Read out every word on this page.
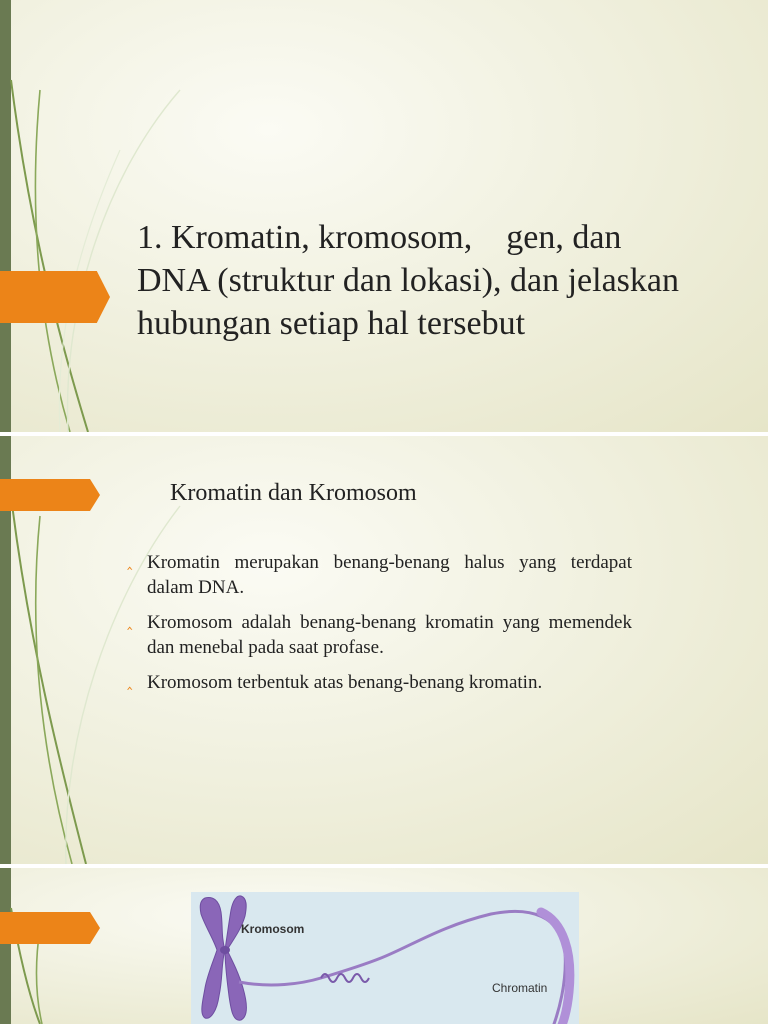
1. Kromatin, kromosom,    gen, dan
DNA (struktur dan lokasi), dan jelaskan
hubungan setiap hal tersebut
Kromatin dan Kromosom
‸ Kromatin merupakan benang-benang halus yang terdapat dalam DNA.
‸ Kromosom adalah benang-benang kromatin yang memendek dan menebal pada saat profase.
‸ Kromosom terbentuk atas benang-benang kromatin.
Kromosom
Chromatin
